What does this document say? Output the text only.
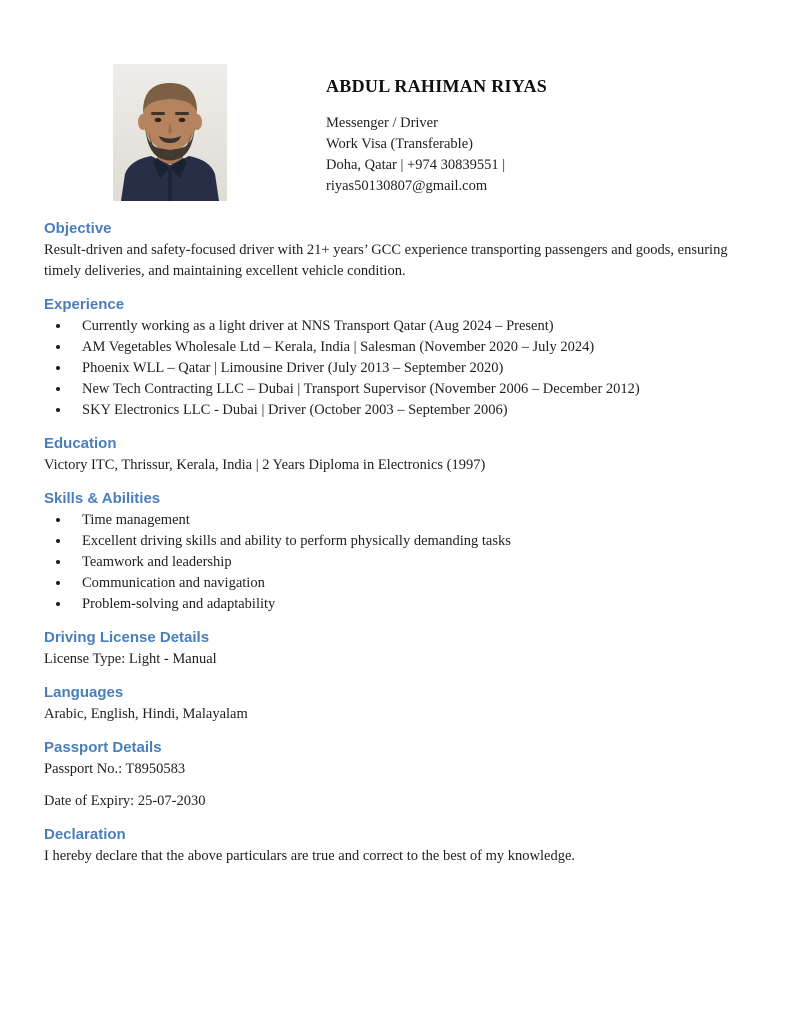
ABDUL RAHIMAN RIYAS
Messenger / Driver
Work Visa (Transferable)
Doha, Qatar | +974 30839551 |
riyas50130807@gmail.com
Objective
Result-driven and safety-focused driver with 21+ years’ GCC experience transporting passengers and goods, ensuring timely deliveries, and maintaining excellent vehicle condition.
Experience
• Currently working as a light driver at NNS Transport Qatar (Aug 2024 – Present)
• AM Vegetables Wholesale Ltd – Kerala, India | Salesman (November 2020 – July 2024)
• Phoenix WLL – Qatar | Limousine Driver (July 2013 – September 2020)
• New Tech Contracting LLC – Dubai | Transport Supervisor (November 2006 – December 2012)
• SKY Electronics LLC - Dubai | Driver (October 2003 – September 2006)
Education
Victory ITC, Thrissur, Kerala, India | 2 Years Diploma in Electronics (1997)
Skills & Abilities
• Time management
• Excellent driving skills and ability to perform physically demanding tasks
• Teamwork and leadership
• Communication and navigation
• Problem-solving and adaptability
Driving License Details
License Type: Light - Manual
Languages
Arabic, English, Hindi, Malayalam
Passport Details
Passport No.: T8950583
Date of Expiry: 25-07-2030
Declaration
I hereby declare that the above particulars are true and correct to the best of my knowledge.
